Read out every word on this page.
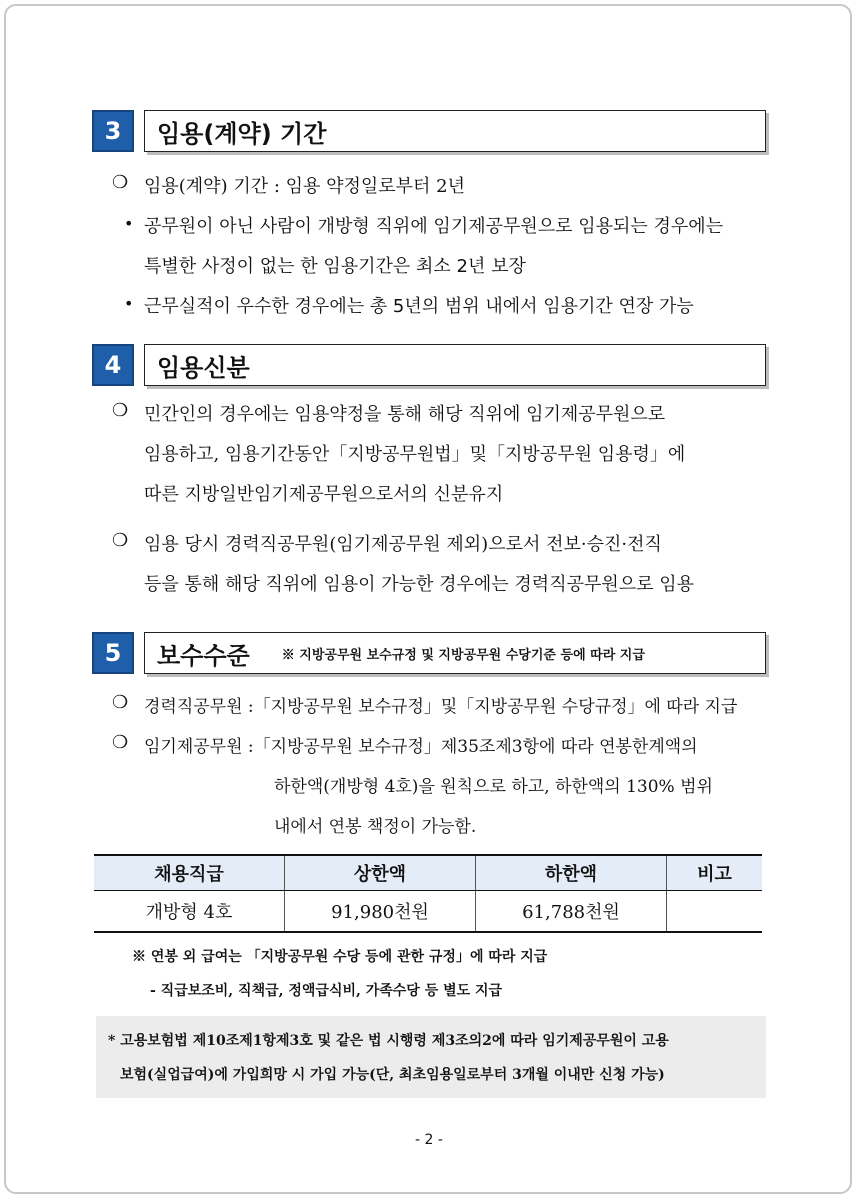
3	임용(계약) 기간
❍ 임용(계약) 기간 : 임용 약정일로부터 2년
• 공무원이 아닌 사람이 개방형 직위에 임기제공무원으로 임용되는 경우에는
특별한 사정이 없는 한 임용기간은 최소 2년 보장
• 근무실적이 우수한 경우에는 총 5년의 범위 내에서 임용기간 연장 가능
4	임용신분
❍ 민간인의 경우에는 임용약정을 통해 해당 직위에 임기제공무원으로
임용하고, 임용기간동안「지방공무원법」및「지방공무원 임용령」에
따른 지방일반임기제공무원으로서의 신분유지
❍ 임용 당시 경력직공무원(임기제공무원 제외)으로서 전보·승진·전직
등을 통해 해당 직위에 임용이 가능한 경우에는 경력직공무원으로 임용
5	보수수준 ※ 지방공무원 보수규정 및 지방공무원 수당기준 등에 따라 지급
❍ 경력직공무원 :「지방공무원 보수규정」및「지방공무원 수당규정」에 따라 지급
❍ 임기제공무원 :「지방공무원 보수규정」제35조제3항에 따라 연봉한계액의
하한액(개방형 4호)을 원칙으로 하고, 하한액의 130% 범위
내에서 연봉 책정이 가능함.
채용직급	상한액	하한액	비고
개방형 4호	91,980천원	61,788천원	
※ 연봉 외 급여는 「지방공무원 수당 등에 관한 규정」에 따라 지급
- 직급보조비, 직책급, 정액급식비, 가족수당 등 별도 지급
* 고용보험법 제10조제1항제3호 및 같은 법 시행령 제3조의2에 따라 임기제공무원이 고용
보험(실업급여)에 가입희망 시 가입 가능(단, 최초임용일로부터 3개월 이내만 신청 가능)
- 2 -
